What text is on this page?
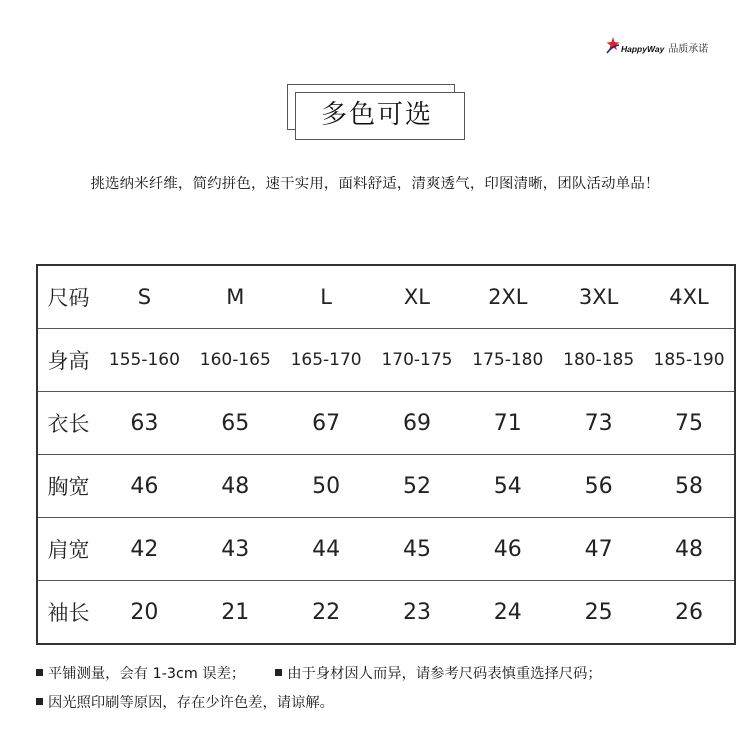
HappyWay 品质承诺
多色可选
挑选纳米纤维，简约拼色，速干实用，面料舒适，清爽透气，印图清晰，团队活动单品！
尺码	S	M	L	XL	2XL	3XL	4XL
身高	155-160	160-165	165-170	170-175	175-180	180-185	185-190
衣长	63	65	67	69	71	73	75
胸宽	46	48	50	52	54	56	58
肩宽	42	43	44	45	46	47	48
袖长	20	21	22	23	24	25	26
平铺测量，会有 1-3cm 误差；	由于身材因人而异，请参考尺码表慎重选择尺码；
因光照印刷等原因，存在少许色差，请谅解。
